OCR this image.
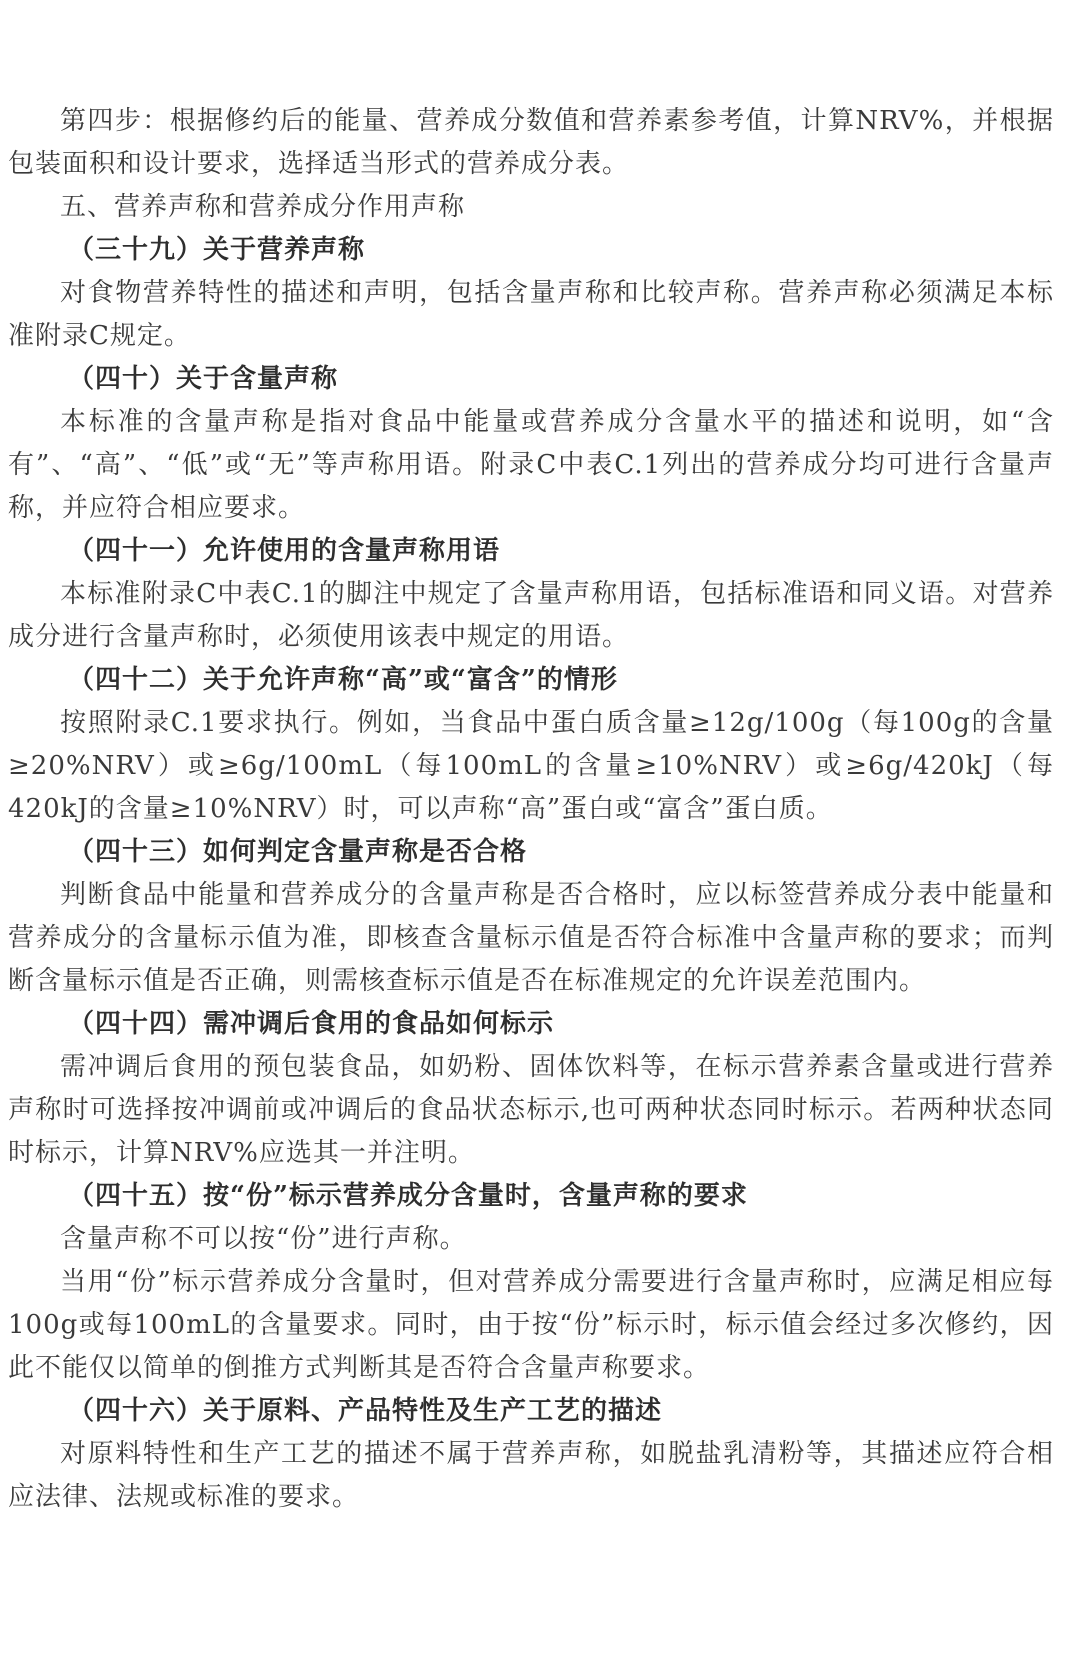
第四步：根据修约后的能量、营养成分数值和营养素参考值，计算NRV%，并根据包装面积和设计要求，选择适当形式的营养成分表。

五、营养声称和营养成分作用声称

（三十九）关于营养声称

对食物营养特性的描述和声明，包括含量声称和比较声称。营养声称必须满足本标准附录C规定。

（四十）关于含量声称

本标准的含量声称是指对食品中能量或营养成分含量水平的描述和说明，如“含有”、“高”、“低”或“无”等声称用语。附录C中表C.1列出的营养成分均可进行含量声称，并应符合相应要求。

（四十一）允许使用的含量声称用语

本标准附录C中表C.1的脚注中规定了含量声称用语，包括标准语和同义语。对营养成分进行含量声称时，必须使用该表中规定的用语。

（四十二）关于允许声称“高”或“富含”的情形

按照附录C.1要求执行。例如，当食品中蛋白质含量≥12g/100g（每100g的含量≥20%NRV）或≥6g/100mL（每100mL的含量≥10%NRV）或≥6g/420kJ（每420kJ的含量≥10%NRV）时，可以声称“高”蛋白或“富含”蛋白质。

（四十三）如何判定含量声称是否合格

判断食品中能量和营养成分的含量声称是否合格时，应以标签营养成分表中能量和营养成分的含量标示值为准，即核查含量标示值是否符合标准中含量声称的要求；而判断含量标示值是否正确，则需核查标示值是否在标准规定的允许误差范围内。

（四十四）需冲调后食用的食品如何标示

需冲调后食用的预包装食品，如奶粉、固体饮料等，在标示营养素含量或进行营养声称时可选择按冲调前或冲调后的食品状态标示,也可两种状态同时标示。若两种状态同时标示，计算NRV%应选其一并注明。

（四十五）按“份”标示营养成分含量时，含量声称的要求

含量声称不可以按“份”进行声称。

当用“份”标示营养成分含量时，但对营养成分需要进行含量声称时，应满足相应每100g或每100mL的含量要求。同时，由于按“份”标示时，标示值会经过多次修约，因此不能仅以简单的倒推方式判断其是否符合含量声称要求。

（四十六）关于原料、产品特性及生产工艺的描述

对原料特性和生产工艺的描述不属于营养声称，如脱盐乳清粉等，其描述应符合相应法律、法规或标准的要求。
